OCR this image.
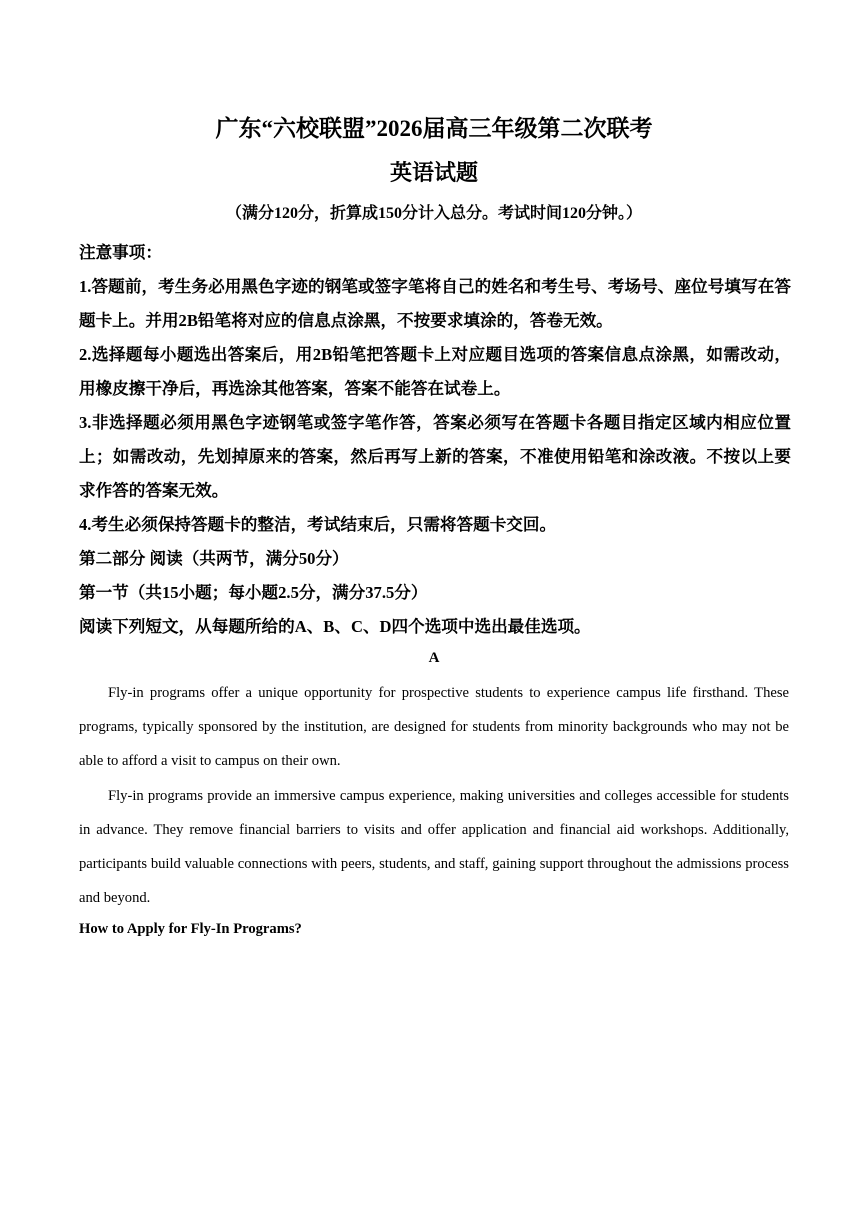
广东“六校联盟”2026届高三年级第二次联考
英语试题
（满分120分，折算成150分计入总分。考试时间120分钟。）

注意事项：

1.答题前，考生务必用黑色字迹的钢笔或签字笔将自己的姓名和考生号、考场号、座位号填写在答题卡上。并用2B铅笔将对应的信息点涂黑，不按要求填涂的，答卷无效。

2.选择题每小题选出答案后，用2B铅笔把答题卡上对应题目选项的答案信息点涂黑，如需改动，用橡皮擦干净后，再选涂其他答案，答案不能答在试卷上。

3.非选择题必须用黑色字迹钢笔或签字笔作答，答案必须写在答题卡各题目指定区域内相应位置上；如需改动，先划掉原来的答案，然后再写上新的答案，不准使用铅笔和涂改液。不按以上要求作答的答案无效。

4.考生必须保持答题卡的整洁，考试结束后，只需将答题卡交回。

第二部分 阅读（共两节，满分50分）

第一节（共15小题；每小题2.5分，满分37.5分）

阅读下列短文，从每题所给的A、B、C、D四个选项中选出最佳选项。

A

Fly-in programs offer a unique opportunity for prospective students to experience campus life firsthand. These programs, typically sponsored by the institution, are designed for students from minority backgrounds who may not be able to afford a visit to campus on their own.

Fly-in programs provide an immersive campus experience, making universities and colleges accessible for students in advance. They remove financial barriers to visits and offer application and financial aid workshops. Additionally, participants build valuable connections with peers, students, and staff, gaining support throughout the admissions process and beyond.

How to Apply for Fly-In Programs?
